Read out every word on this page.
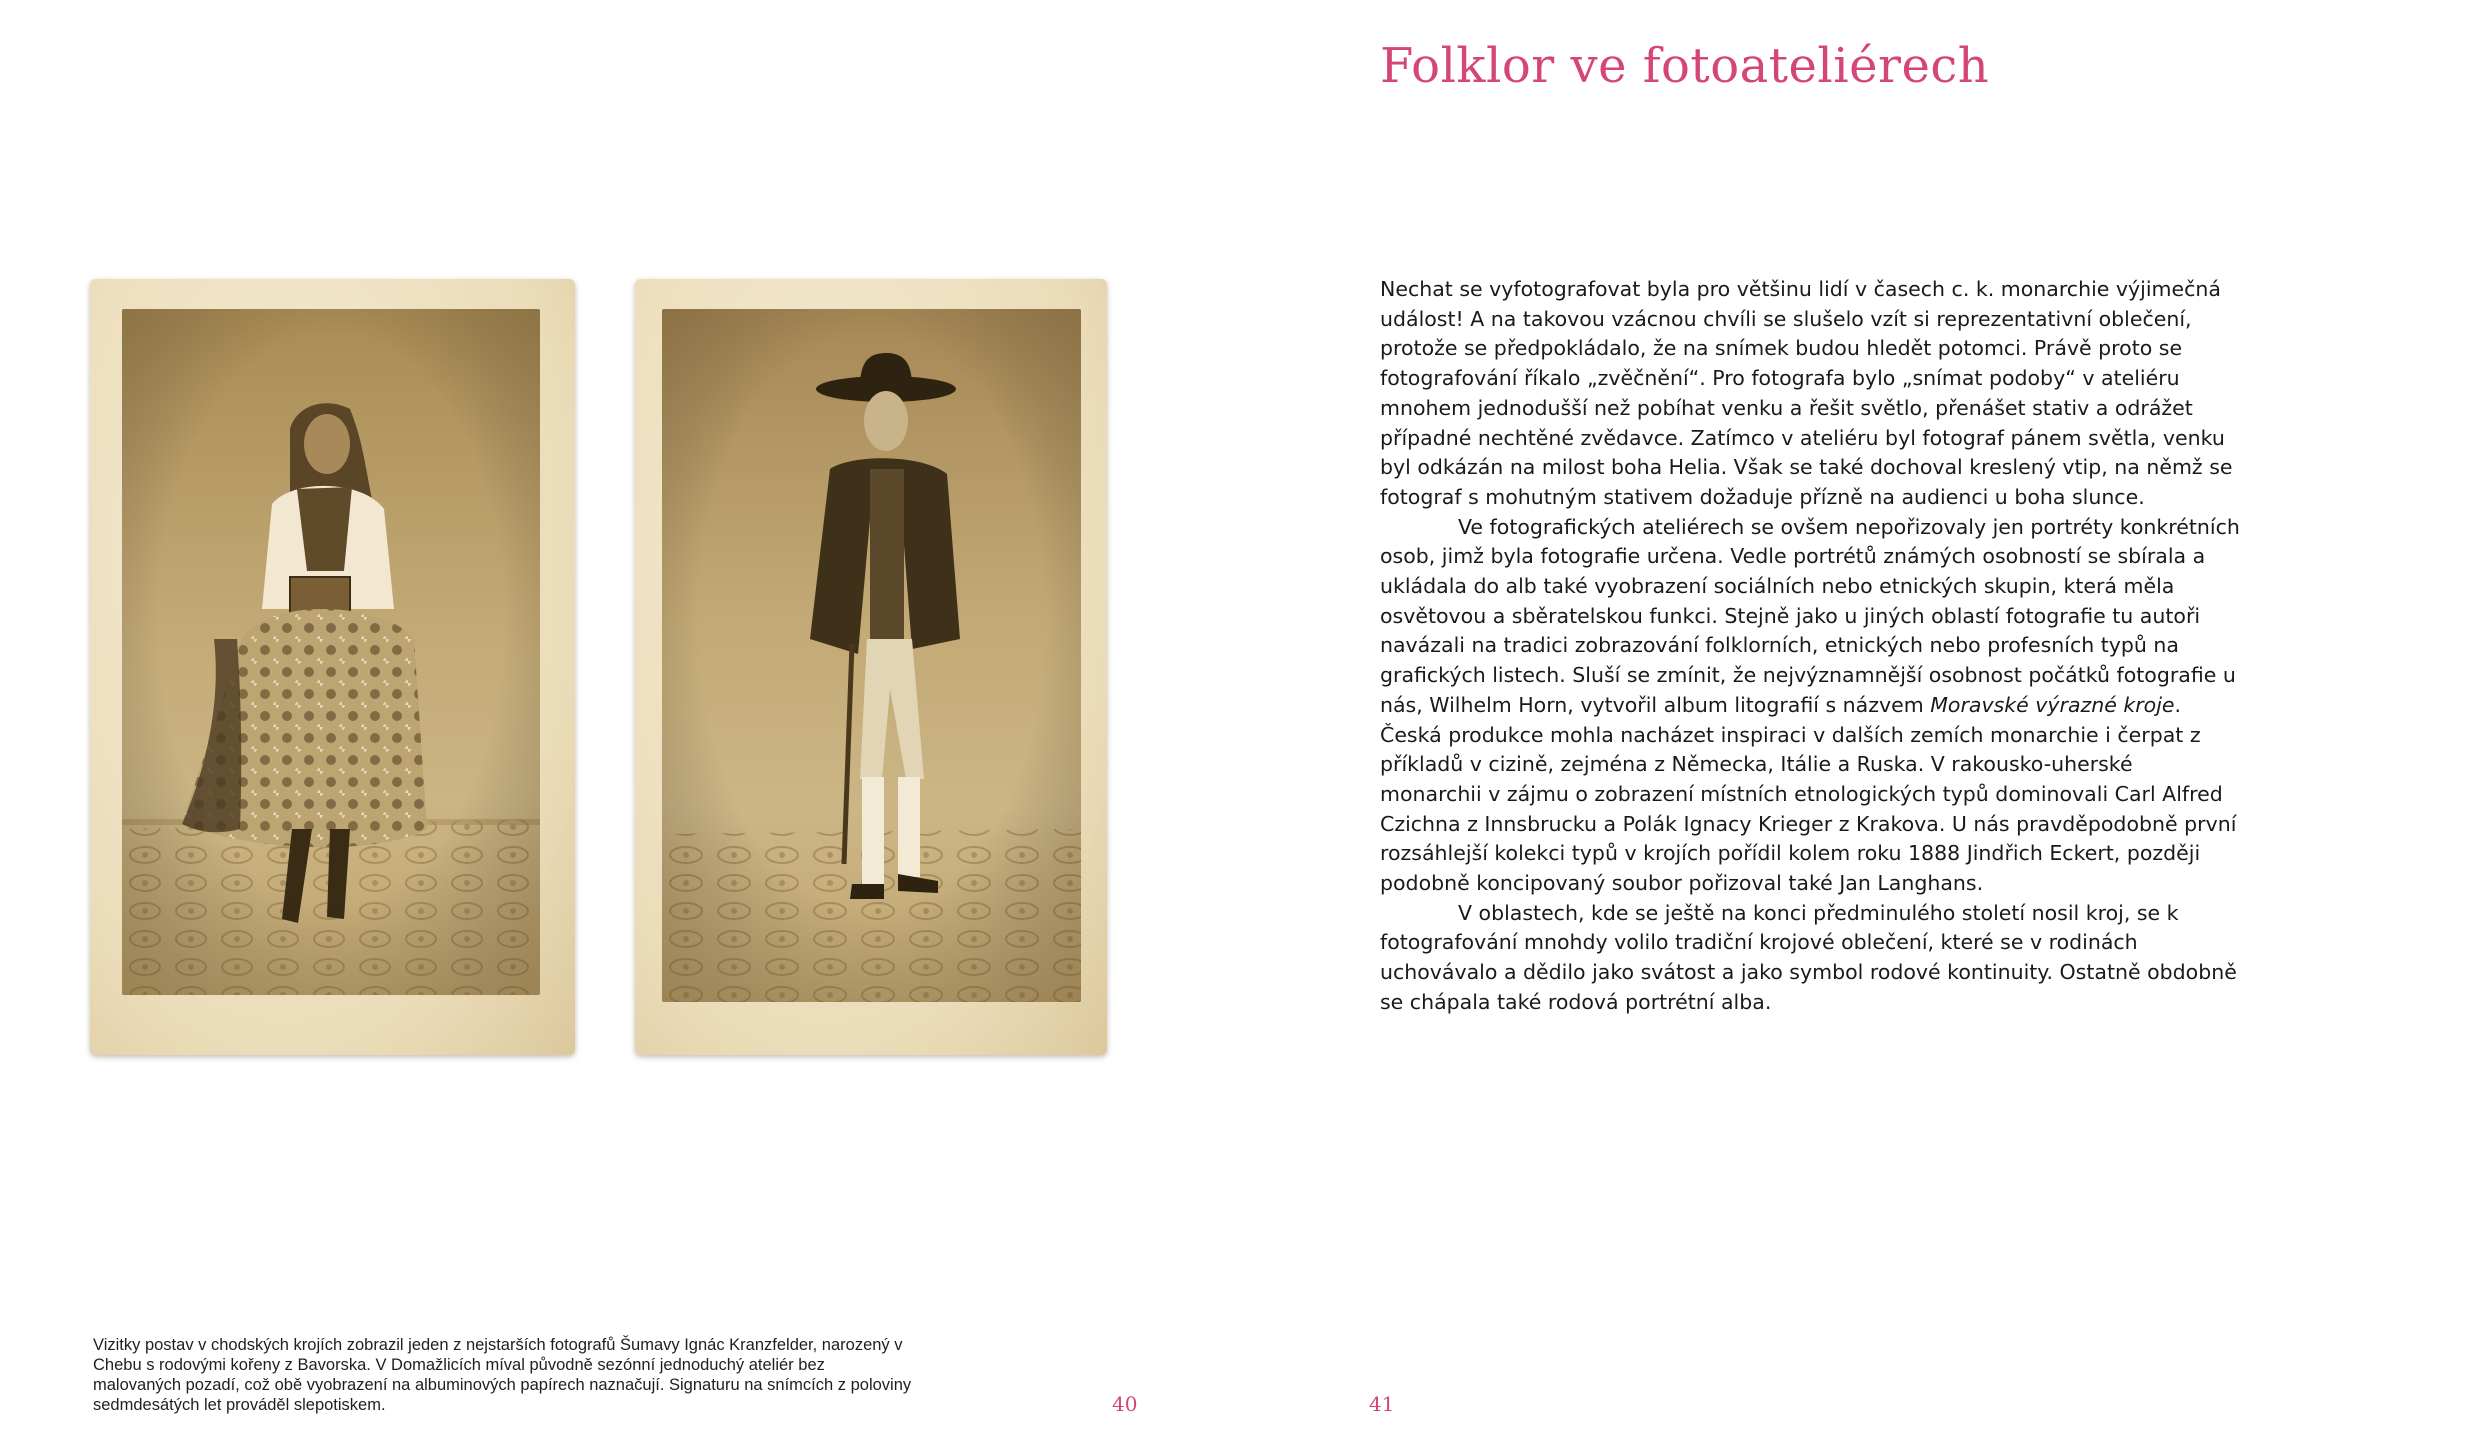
Vizitky postav v chodských krojích zobrazil jeden z nejstarších fotografů Šumavy Ignác Kranzfelder, narozený v Chebu s rodovými kořeny z Bavorska. V Domažlicích míval původně sezónní jednoduchý ateliér bez malovaných pozadí, což obě vyobrazení na albuminových papírech naznačují. Signaturu na snímcích z poloviny sedmdesátých let prováděl slepotiskem.	40
Folklor ve fotoateliérech

Nechat se vyfotografovat byla pro většinu lidí v časech c. k. monarchie výjimečná událost! A na takovou vzácnou chvíli se slušelo vzít si reprezentativní oblečení, protože se předpokládalo, že na snímek budou hledět potomci. Právě proto se fotografování říkalo „zvěčnění“. Pro fotografa bylo „snímat podoby“ v ateliéru mnohem jednodušší než pobíhat venku a řešit světlo, přenášet stativ a odrážet případné nechtěné zvědavce. Zatímco v ateliéru byl fotograf pánem světla, venku byl odkázán na milost boha Helia. Však se také dochoval kreslený vtip, na němž se fotograf s mohutným stativem dožaduje přízně na audienci u boha slunce.

Ve fotografických ateliérech se ovšem nepořizovaly jen portréty konkrétních osob, jimž byla fotografie určena. Vedle portrétů známých osobností se sbírala a ukládala do alb také vyobrazení sociálních nebo etnických skupin, která měla osvětovou a sběratelskou funkci. Stejně jako u jiných oblastí fotografie tu autoři navázali na tradici zobrazování folklorních, etnických nebo profesních typů na grafických listech. Sluší se zmínit, že nejvýznamnější osobnost počátků fotografie u nás, Wilhelm Horn, vytvořil album litografií s názvem Moravské výrazné kroje. Česká produkce mohla nacházet inspiraci v dalších zemích monarchie i čerpat z příkladů v cizině, zejména z Německa, Itálie a Ruska. V rakousko-uherské monarchii v zájmu o zobrazení místních etnologických typů dominovali Carl Alfred Czichna z Innsbrucku a Polák Ignacy Krieger z Krakova. U nás pravděpodobně první rozsáhlejší kolekci typů v krojích pořídil kolem roku 1888 Jindřich Eckert, později podobně koncipovaný soubor pořizoval také Jan Langhans.

V oblastech, kde se ještě na konci předminulého století nosil kroj, se k fotografování mnohdy volilo tradiční krojové oblečení, které se v rodinách uchovávalo a dědilo jako svátost a jako symbol rodové kontinuity. Ostatně obdobně se chápala také rodová portrétní alba.

41
